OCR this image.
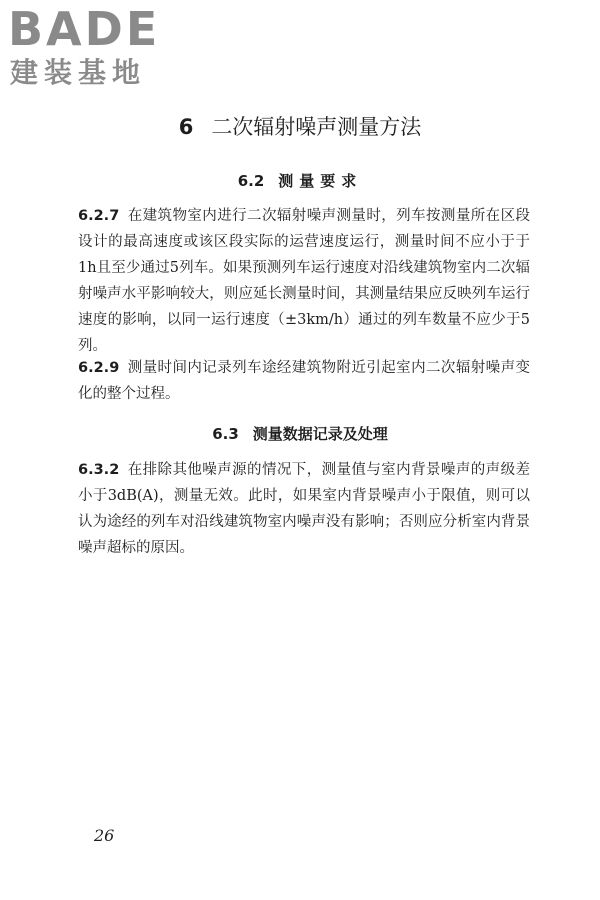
BADE
建装基地
6 二次辐射噪声测量方法
6.2 测量要求

6.2.7 在建筑物室内进行二次辐射噪声测量时，列车按测量所在区段设计的最高速度或该区段实际的运营速度运行，测量时间不应小于于1h且至少通过5列车。如果预测列车运行速度对沿线建筑物室内二次辐射噪声水平影响较大，则应延长测量时间，其测量结果应反映列车运行速度的影响，以同一运行速度（±3km/h）通过的列车数量不应少于5列。

6.2.9 测量时间内记录列车途经建筑物附近引起室内二次辐射噪声变化的整个过程。

6.3 测量数据记录及处理

6.3.2 在排除其他噪声源的情况下，测量值与室内背景噪声的声级差小于3dB(A)，测量无效。此时，如果室内背景噪声小于限值，则可以认为途经的列车对沿线建筑物室内噪声没有影响；否则应分析室内背景噪声超标的原因。

26
